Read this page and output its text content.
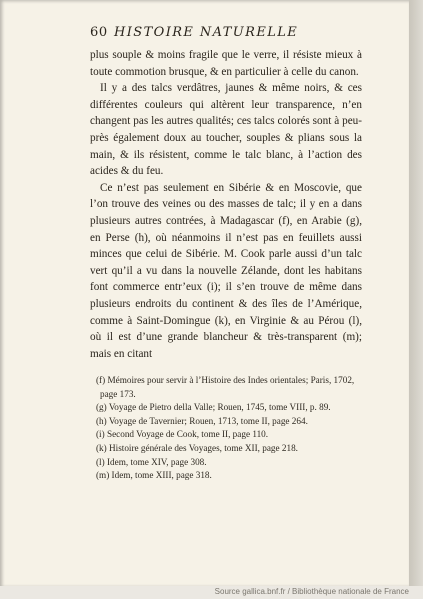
60 HISTOIRE NATURELLE

plus souple & moins fragile que le verre, il résiste mieux à toute commotion brusque, & en particulier à celle du canon.

Il y a des talcs verdâtres, jaunes & même noirs, & ces différentes couleurs qui altèrent leur transparence, n’en changent pas les autres qualités; ces talcs colorés sont à peu-près également doux au toucher, souples & plians sous la main, & ils résistent, comme le talc blanc, à l’action des acides & du feu.

Ce n’est pas seulement en Sibérie & en Moscovie, que l’on trouve des veines ou des masses de talc; il y en a dans plusieurs autres contrées, à Madagascar (f), en Arabie (g), en Perse (h), où néanmoins il n’est pas en feuillets aussi minces que celui de Sibérie. M. Cook parle aussi d’un talc vert qu’il a vu dans la nouvelle Zélande, dont les habitans font commerce entr’eux (i); il s’en trouve de même dans plusieurs endroits du continent & des îles de l’Amérique, comme à Saint-Domingue (k), en Virginie & au Pérou (l), où il est d’une grande blancheur & très-transparent (m); mais en citant

(f) Mémoires pour servir à l’Histoire des Indes orientales; Paris, 1702, page 173.

(g) Voyage de Pietro della Valle; Rouen, 1745, tome VIII, p. 89.

(h) Voyage de Tavernier; Rouen, 1713, tome II, page 264.

(i) Second Voyage de Cook, tome II, page 110.

(k) Histoire générale des Voyages, tome XII, page 218.

(l) Idem, tome XIV, page 308.

(m) Idem, tome XIII, page 318.

Source gallica.bnf.fr / Bibliothèque nationale de France
